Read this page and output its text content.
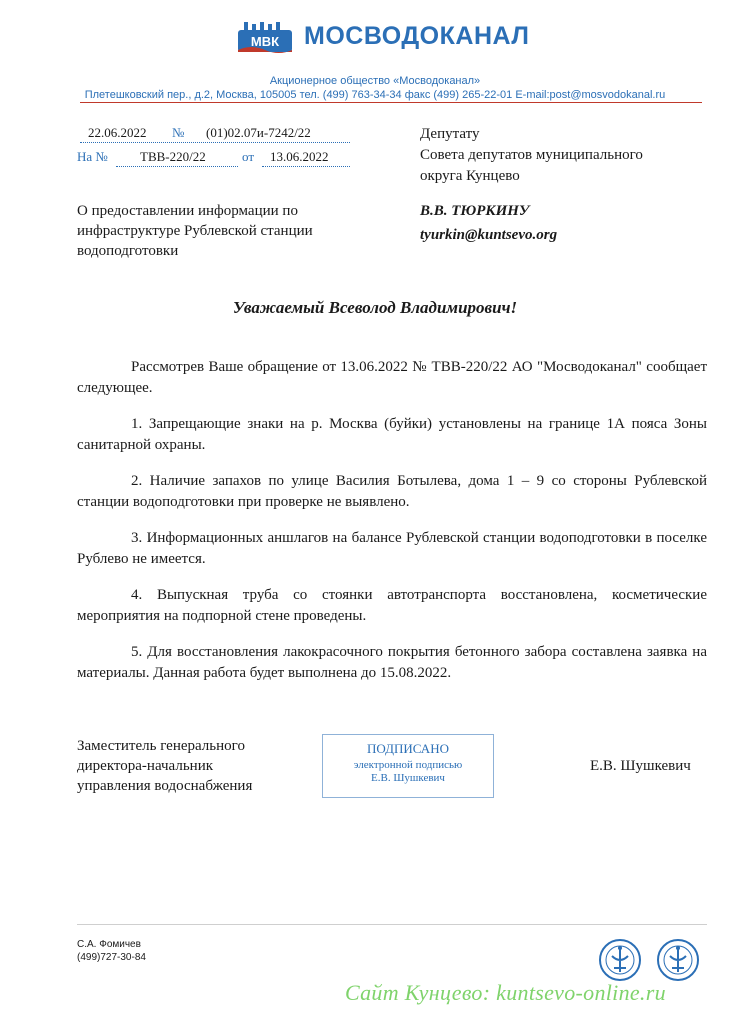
МВК МОСВОДОКАНАЛ
Акционерное общество «Мосводоканал»
Плетешковский пер., д.2, Москва, 105005 тел. (499) 763-34-34 факс (499) 265-22-01 E-mail:post@mosvodokanal.ru
22.06.2022 № (01)02.07и-7242/22
На № ТВВ-220/22	от 13.06.2022
Депутату
Совета депутатов муниципального
округа Кунцево
В.В. ТЮРКИНУ
tyurkin@kuntsevo.org
О предоставлении информации по
инфраструктуре Рублевской станции
водоподготовки
Уважаемый Всеволод Владимирович!
Рассмотрев Ваше обращение от 13.06.2022 № ТВВ-220/22 АО "Мосводоканал" сообщает следующее.
1. Запрещающие знаки на р. Москва (буйки) установлены на границе 1А пояса Зоны санитарной охраны.
2. Наличие запахов по улице Василия Ботылева, дома 1 – 9 со стороны Рублевской станции водоподготовки при проверке не выявлено.
3. Информационных аншлагов на балансе Рублевской станции водоподготовки в поселке Рублево не имеется.
4. Выпускная труба со стоянки автотранспорта восстановлена, косметические мероприятия на подпорной стене проведены.
5. Для восстановления лакокрасочного покрытия бетонного забора составлена заявка на материалы. Данная работа будет выполнена до 15.08.2022.
Заместитель генерального
директора-начальник
управления водоснабжения
ПОДПИСАНО
электронной подписью
Е.В. Шушкевич
Е.В. Шушкевич
С.А. Фомичев
(499)727-30-84
Сайт Кунцево: kuntsevo-online.ru
